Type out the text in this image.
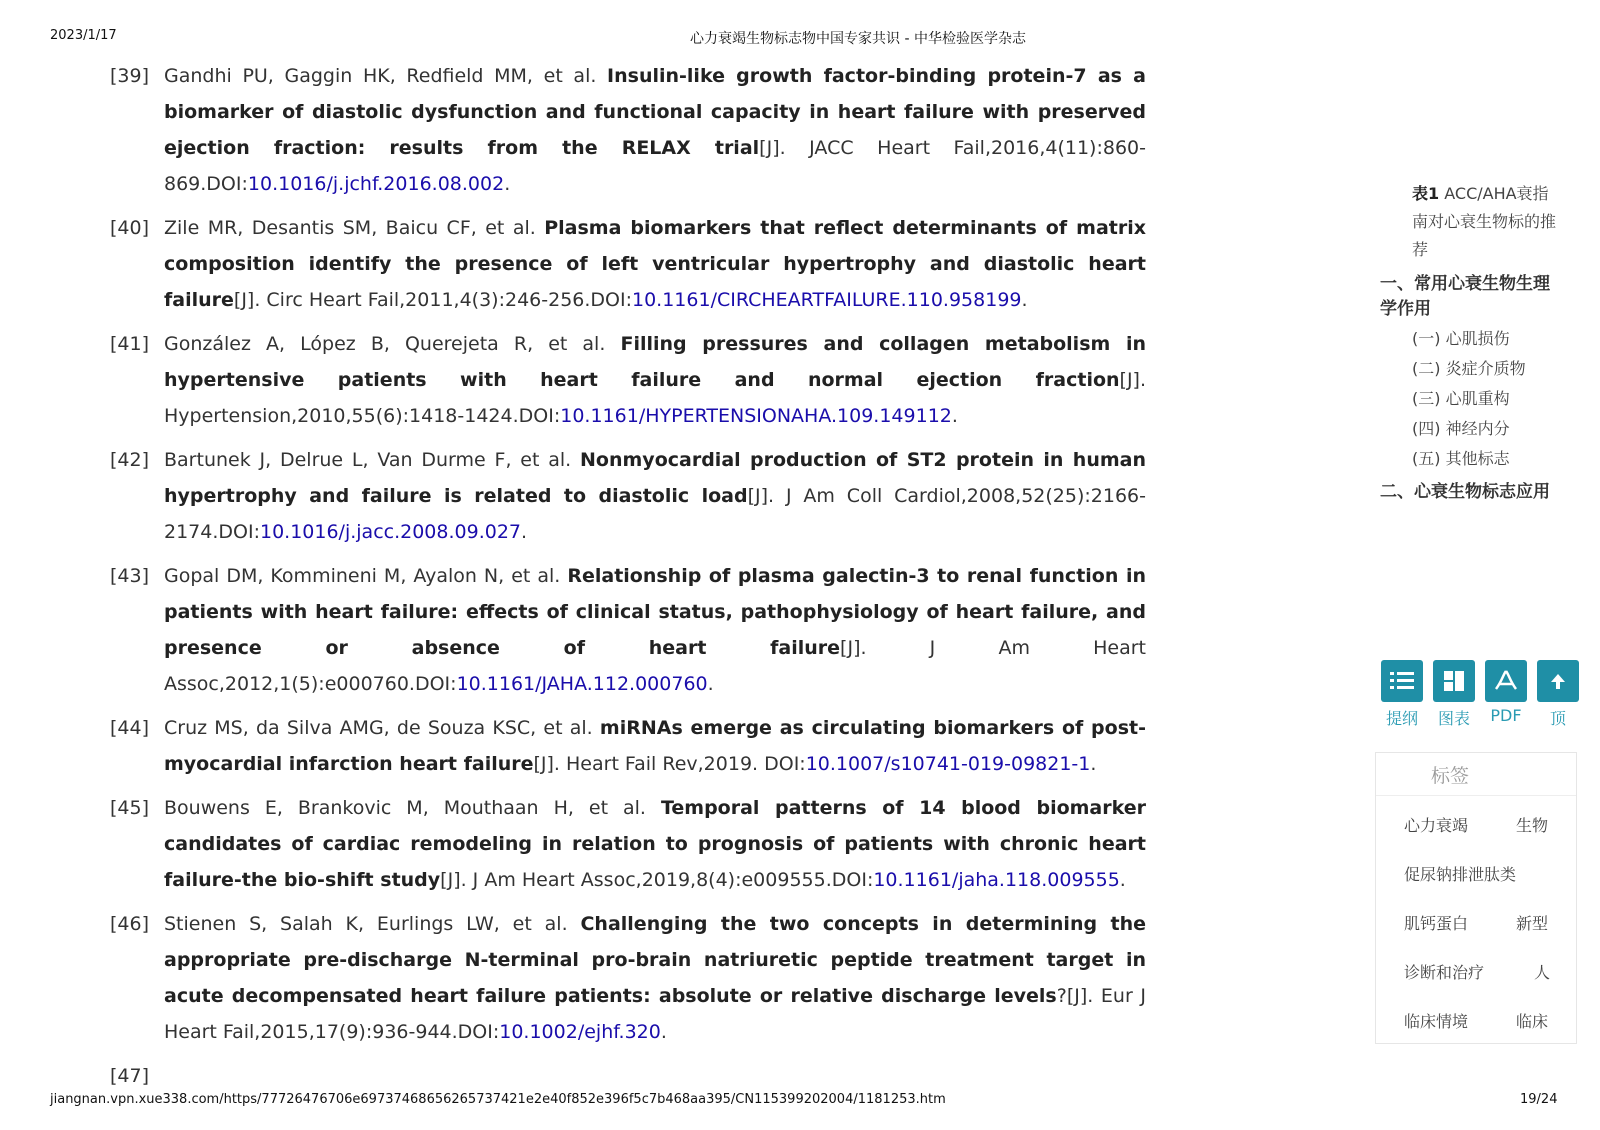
2023/1/17	心力衰竭生物标志物中国专家共识 - 中华检验医学杂志
[39] Gandhi PU, Gaggin HK, Redfield MM, et al. Insulin-like growth factor-binding protein-7 as a biomarker of diastolic dysfunction and functional capacity in heart failure with preserved ejection fraction: results from the RELAX trial[J]. JACC Heart Fail,2016,4(11):860-869.DOI:10.1016/j.jchf.2016.08.002.
[40] Zile MR, Desantis SM, Baicu CF, et al. Plasma biomarkers that reflect determinants of matrix composition identify the presence of left ventricular hypertrophy and diastolic heart failure[J]. Circ Heart Fail,2011,4(3):246-256.DOI:10.1161/CIRCHEARTFAILURE.110.958199.
[41] González A, López B, Querejeta R, et al. Filling pressures and collagen metabolism in hypertensive patients with heart failure and normal ejection fraction[J]. Hypertension,2010,55(6):1418-1424.DOI:10.1161/HYPERTENSIONAHA.109.149112.
[42] Bartunek J, Delrue L, Van Durme F, et al. Nonmyocardial production of ST2 protein in human hypertrophy and failure is related to diastolic load[J]. J Am Coll Cardiol,2008,52(25):2166-2174.DOI:10.1016/j.jacc.2008.09.027.
[43] Gopal DM, Kommineni M, Ayalon N, et al. Relationship of plasma galectin-3 to renal function in patients with heart failure: effects of clinical status, pathophysiology of heart failure, and presence or absence of heart failure[J]. J Am Heart Assoc,2012,1(5):e000760.DOI:10.1161/JAHA.112.000760.
[44] Cruz MS, da Silva AMG, de Souza KSC, et al. miRNAs emerge as circulating biomarkers of post-myocardial infarction heart failure[J]. Heart Fail Rev,2019. DOI:10.1007/s10741-019-09821-1.
[45] Bouwens E, Brankovic M, Mouthaan H, et al. Temporal patterns of 14 blood biomarker candidates of cardiac remodeling in relation to prognosis of patients with chronic heart failure-the bio-shift study[J]. J Am Heart Assoc,2019,8(4):e009555.DOI:10.1161/jaha.118.009555.
[46] Stienen S, Salah K, Eurlings LW, et al. Challenging the two concepts in determining the appropriate pre-discharge N-terminal pro-brain natriuretic peptide treatment target in acute decompensated heart failure patients: absolute or relative discharge levels?[J]. Eur J Heart Fail,2015,17(9):936-944.DOI:10.1002/ejhf.320.
[47]

表1 ACC/AHA衰指南对心衰生物标的推荐
一、常用心衰生物生理学作用
(一) 心肌损伤
(二) 炎症介质物
(三) 心肌重构
(四) 神经内分
(五) 其他标志
二、心衰生物标志应用
提纲	图表	PDF	顶
标签
心力衰竭	生物
促尿钠排泄肽类
肌钙蛋白	新型
诊断和治疗	人
临床情境	临床
jiangnan.vpn.xue338.com/https/77726476706e69737468656265737421e2e40f852e396f5c7b468aa395/CN115399202004/1181253.htm	19/24
